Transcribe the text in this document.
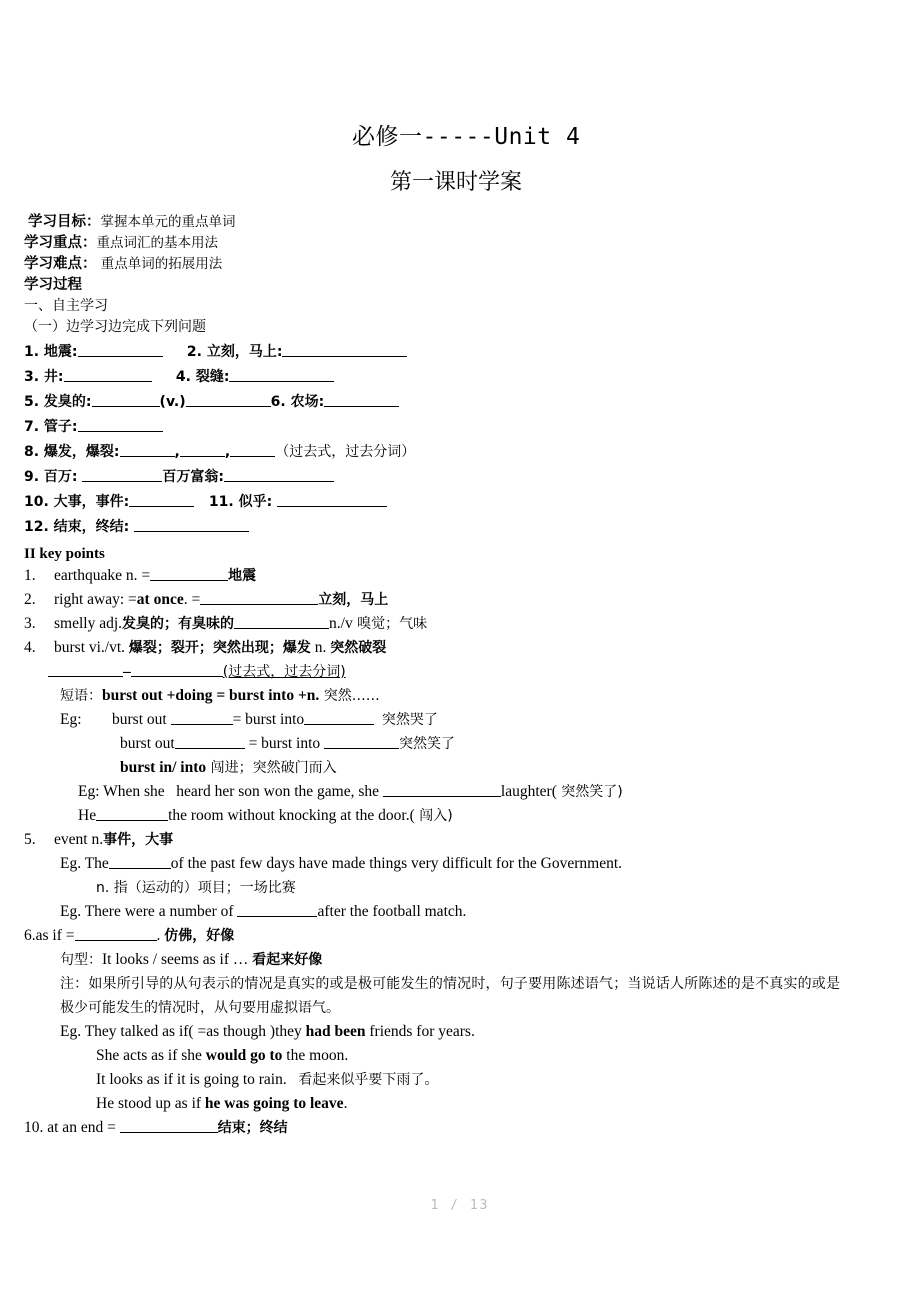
必修一-----Unit 4
第一课时学案
学习目标：掌握本单元的重点单词
学习重点：重点词汇的基本用法
学习难点： 重点单词的拓展用法
学习过程
一、自主学习
（一）边学习边完成下列问题
1. 地震:	2. 立刻，马上:
3. 井:	4. 裂缝:
5. 发臭的:	(v.)	6. 农场:
7. 管子:
8. 爆发，爆裂:	,	,	（过去式，过去分词）
9. 百万:	百万富翁:
10. 大事，事件:	11. 似乎:
12. 结束，终结:
II key points
1. earthquake n. =	地震
2. right away: =at once. =	立刻，马上
3. smelly adj.发臭的；有臭味的	n./v 嗅觉；气味
4. burst vi./vt. 爆裂；裂开；突然出现；爆发 n. 突然破裂
–	(过去式，过去分词)
短语：burst out +doing = burst into +n. 突然……
Eg: burst out	= burst into	突然哭了
burst out	= burst into	突然笑了
burst in/ into 闯进；突然破门而入
Eg: When she   heard her son won the game, she	laughter( 突然笑了)
He	the room without knocking at the door.( 闯入)
5. event n.事件，大事
Eg. The	of the past few days have made things very difficult for the Government.
n. 指（运动的）项目；一场比赛
Eg. There were a number of	after the football match.
6.as if =	. 仿佛，好像
句型：It looks / seems as if … 看起来好像
注：如果所引导的从句表示的情况是真实的或是极可能发生的情况时，句子要用陈述语气；当说话人所陈述的是不真实的或是极少可能发生的情况时，从句要用虚拟语气。
Eg. They talked as if( =as though )they had been friends for years.
She acts as if she would go to the moon.
It looks as if it is going to rain.   看起来似乎要下雨了。
He stood up as if he was going to leave.
10. at an end =	结束；终结
1 / 13
